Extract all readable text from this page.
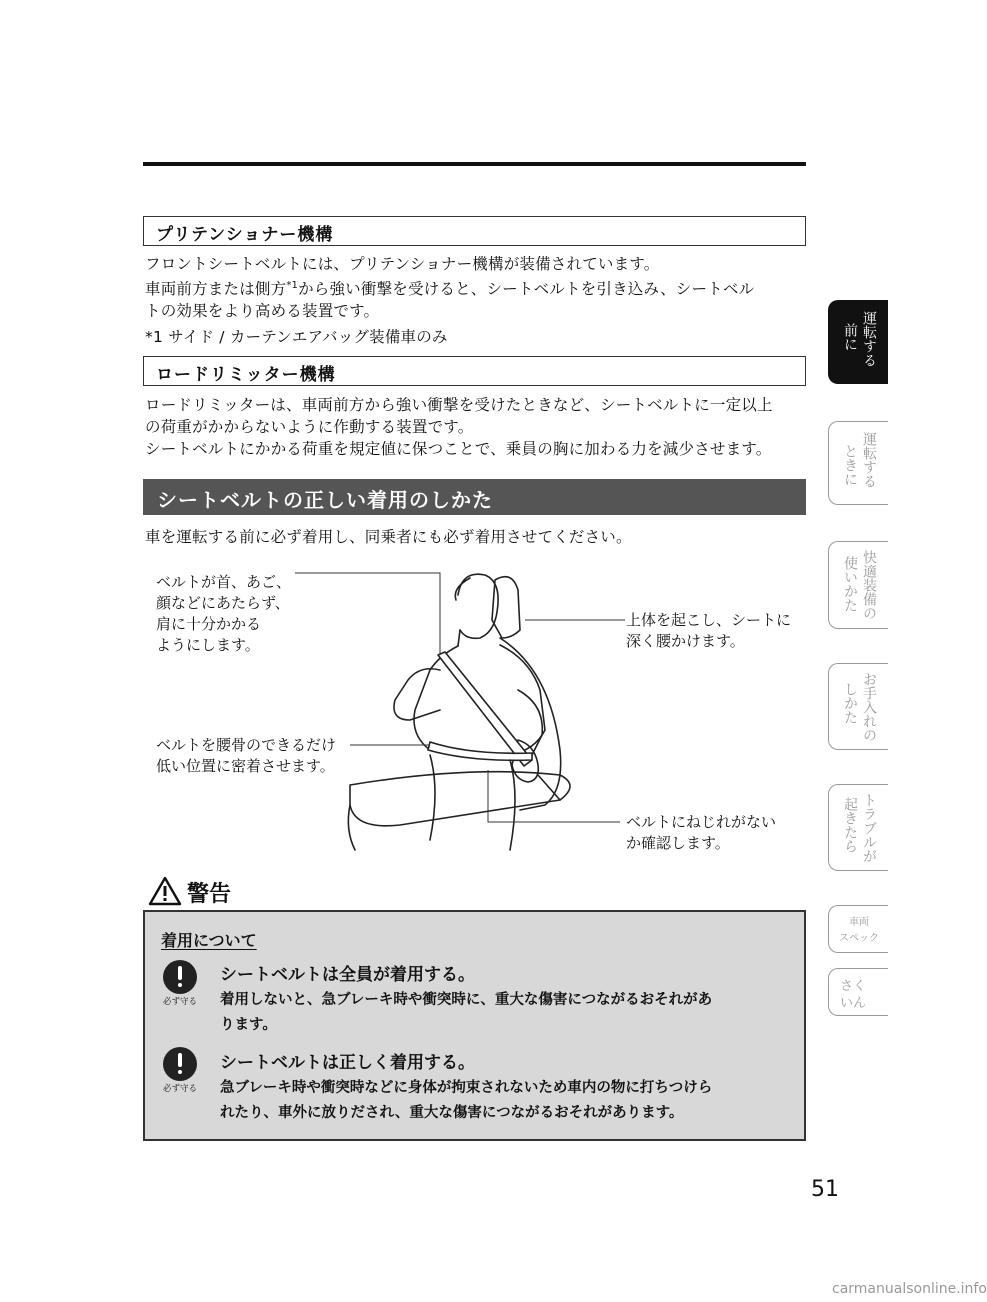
プリテンショナー機構

フロントシートベルトには、プリテンショナー機構が装備されています。

車両前方または側方$^{*1}$から強い衝撃を受けると、シートベルトを引き込み、シートベル

トの効果をより高める装置です。

*1 サイド / カーテンエアバッグ装備車のみ

ロードリミッター機構

ロードリミッターは、車両前方から強い衝撃を受けたときなど、シートベルトに一定以上

の荷重がかからないように作動する装置です。

シートベルトにかかる荷重を規定値に保つことで、乗員の胸に加わる力を減少させます。

シートベルトの正しい着用のしかた
車を運転する前に必ず着用し、同乗者にも必ず着用させてください。
ベルトが首、あご、
顔などにあたらず、
肩に十分かかる
ようにします。
上体を起こし、シートに
深く腰かけます。
ベルトを腰骨のできるだけ
低い位置に密着させます。
ベルトにねじれがない
か確認します。
警告
着用について
必ず守る
シートベルトは全員が着用する。
着用しないと、急ブレーキ時や衝突時に、重大な傷害につながるおそれがあ
ります。
必ず守る
シートベルトは正しく着用する。
急ブレーキ時や衝突時などに身体が拘束されないため車内の物に打ちつけら
れたり、車外に放りだされ、重大な傷害につながるおそれがあります。
運転する
前に
運転する
ときに
快適装備の
使いかた
お手入れの
しかた
トラブルが
起きたら
車両
スペック
さく
いん
51
carmanualsonline.info
